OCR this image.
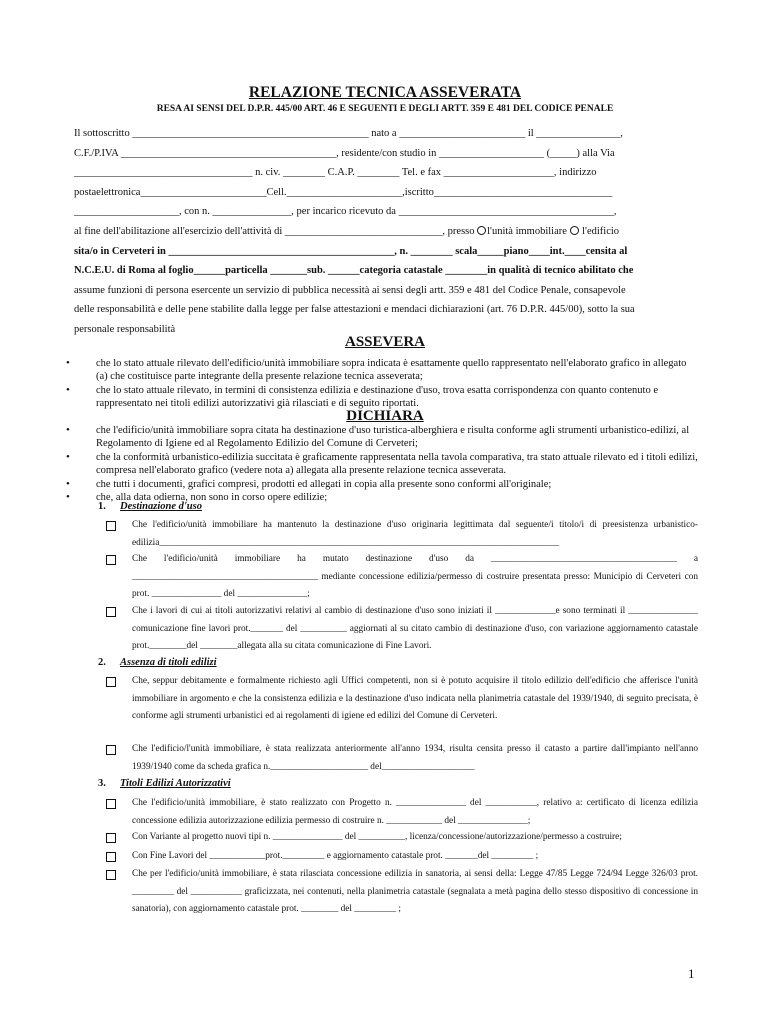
RELAZIONE TECNICA ASSEVERATA
RESA AI SENSI DEL D.P.R. 445/00 ART. 46 E SEGUENTI E DEGLI ARTT. 359 E 481 DEL CODICE PENALE

Il sottoscritto _____________________________________________ nato a ________________________ il ________________,

C.F./P.IVA _________________________________________, residente/con studio in ____________________ (_____) alla Via

__________________________________ n. civ. ________ C.A.P. ________ Tel. e fax _____________________, indirizzo

postaelettronica________________________Cell.______________________,iscritto__________________________________

____________________, con n. _______________, per incarico ricevuto da _________________________________________,

al fine dell'abilitazione all'esercizio dell'attività di ______________________________, presso l'unità immobiliare l'edificio

sita/o in Cerveteri in ___________________________________________, n. ________ scala_____piano____int.____censita al

N.C.E.U. di Roma al foglio______particella _______sub. ______categoria catastale ________in qualità di tecnico abilitato che

assume funzioni di persona esercente un servizio di pubblica necessità ai sensi degli artt. 359 e 481 del Codice Penale, consapevole

delle responsabilità e delle pene stabilite dalla legge per false attestazioni e mendaci dichiarazioni (art. 76 D.P.R. 445/00), sotto la sua

personale responsabilità

ASSEVERA

• che lo stato attuale rilevato dell'edificio/unità immobiliare sopra indicata è esattamente quello rappresentato nell'elaborato grafico in allegato (a) che costituisce parte integrante della presente relazione tecnica asseverata;

• che lo stato attuale rilevato, in termini di consistenza edilizia e destinazione d'uso, trova esatta corrispondenza con quanto contenuto e rappresentato nei titoli edilizi autorizzativi già rilasciati e di seguito riportati.

DICHIARA

• che l'edificio/unità immobiliare sopra citata ha destinazione d'uso turistica-alberghiera e risulta conforme agli strumenti urbanistico-edilizi, al Regolamento di Igiene ed al Regolamento Edilizio del Comune di Cerveteri;

• che la conformità urbanistico-edilizia succitata è graficamente rappresentata nella tavola comparativa, tra stato attuale rilevato ed i titoli edilizi, compresa nell'elaborato grafico (vedere nota a) allegata alla presente relazione tecnica asseverata.

• che tutti i documenti, grafici compresi, prodotti ed allegati in copia alla presente sono conformi all'originale;

• che, alla data odierna, non sono in corso opere edilizie;

1. Destinazione d'uso
Che l'edificio/unità immobiliare ha mantenuto la destinazione d'uso originaria legittimata dal seguente/i titolo/i di preesistenza urbanistico-edilizia______________________________________________________________________________________
Che l'edificio/unità immobiliare ha mutato destinazione d'uso da ________________________________________ a ________________________________________ mediante concessione edilizia/permesso di costruire presentata presso: Municipio di Cerveteri con prot. _______________ del _______________;
Che i lavori di cui ai titoli autorizzativi relativi al cambio di destinazione d'uso sono iniziati il _____________e sono terminati il _______________ comunicazione fine lavori prot._______ del __________ aggiornati al su citato cambio di destinazione d'uso, con variazione aggiornamento catastale prot.________del ________allegata alla su citata comunicazione di Fine Lavori.
2. Assenza di titoli edilizi
Che, seppur debitamente e formalmente richiesto agli Uffici competenti, non si è potuto acquisire il titolo edilizio dell'edificio che afferisce l'unità immobiliare in argomento e che la consistenza edilizia e la destinazione d'uso indicata nella planimetria catastale del 1939/1940, di seguito precisata, è conforme agli strumenti urbanistici ed ai regolamenti di igiene ed edilizi del Comune di Cerveteri.
Che l'edificio/l'unità immobiliare, è stata realizzata anteriormente all'anno 1934, risulta censita presso il catasto a partire dall'impianto nell'anno 1939/1940 come da scheda grafica n._____________________ del____________________
3. Titoli Edilizi Autorizzativi
Che l'edificio/unità immobiliare, è stato realizzato con Progetto n. _______________ del ___________, relativo a: certificato di licenza edilizia concessione edilizia autorizzazione edilizia permesso di costruire n. ____________ del _______________;
Con Variante al progetto nuovi tipi n. _______________ del __________, licenza/concessione/autorizzazione/permesso a costruire;
Con Fine Lavori del ____________prot._________ e aggiornamento catastale prot. _______del _________ ;
Che per l'edificio/unità immobiliare, è stata rilasciata concessione edilizia in sanatoria, ai sensi della: Legge 47/85 Legge 724/94 Legge 326/03 prot. _________ del ___________ graficizzata, nei contenuti, nella planimetria catastale (segnalata a metà pagina dello stesso dispositivo di concessione in sanatoria), con aggiornamento catastale prot. ________ del _________ ;
1
